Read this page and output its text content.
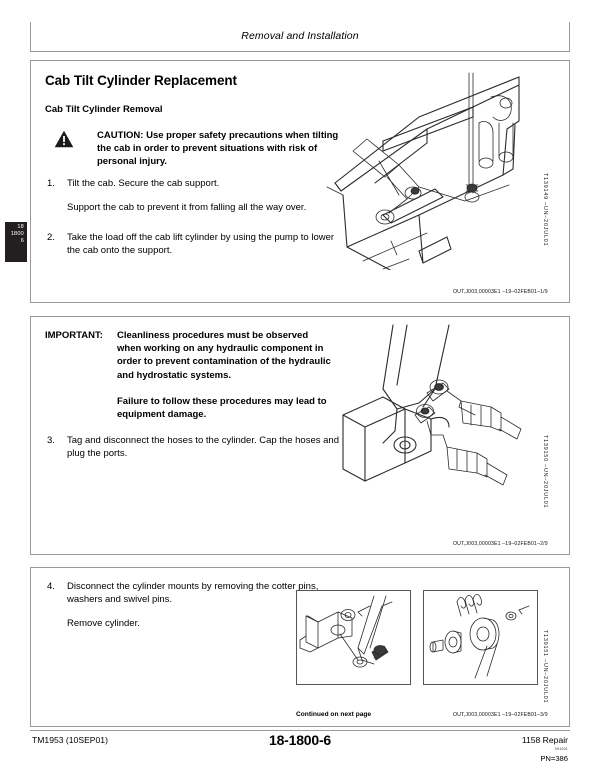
Removal and Installation
18
1800
6
Cab Tilt Cylinder Replacement
Cab Tilt Cylinder Removal
CAUTION: Use proper safety precautions when tilting the cab in order to prevent situations with risk of personal injury.
1. Tilt the cab. Secure the cab support.
Support the cab to prevent it from falling all the way over.
2. Take the load off the cab lift cylinder by using the pump to lower the cab onto the support.
T139149 –UN–20JUL01
OUT,J003,00003E1 –19–02FEB01–1/9
IMPORTANT: Cleanliness procedures must be observed when working on any hydraulic component in order to prevent contamination of the hydraulic and hydrostatic systems.
Failure to follow these procedures may lead to equipment damage.
3. Tag and disconnect the hoses to the cylinder. Cap the hoses and plug the ports.	T139150 –UN–20JUL01
OUT,J003,00003E1 –19–02FEB01–2/9
4. Disconnect the cylinder mounts by removing the cotter pins, washers and swivel pins.
Remove cylinder.
T139151 –UN–20JUL01
Continued on next page	OUT,J003,00003E1 –19–02FEB01–3/9
TM1953 (10SEP01)	18-1800-6	1158 Repair
091001
PN=386
